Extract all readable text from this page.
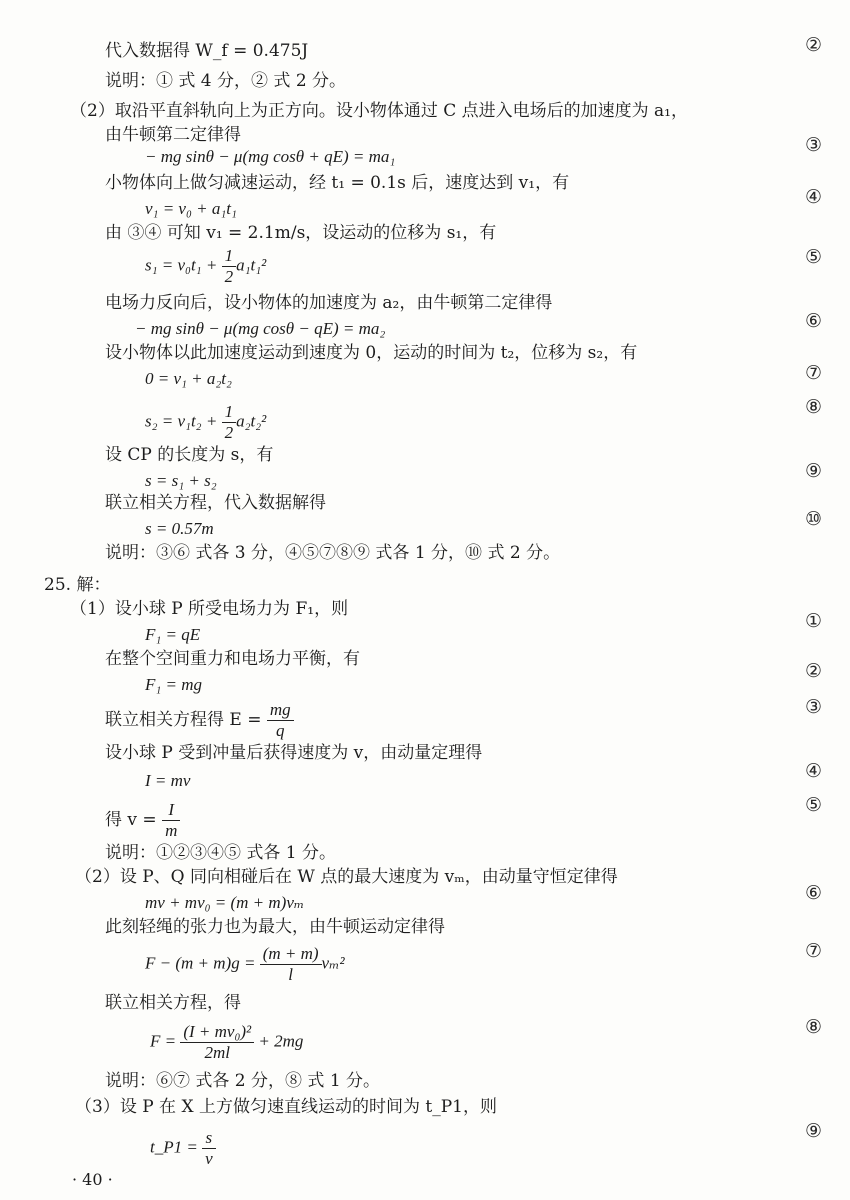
代入数据得 W_f = 0.475J
说明：① 式 4 分，② 式 2 分。
（2）取沿平直斜轨向上为正方向。设小物体通过 C 点进入电场后的加速度为 a₁，
由牛顿第二定律得
− mg sinθ − μ(mg cosθ + qE) = ma₁
小物体向上做匀减速运动，经 t₁ = 0.1s 后，速度达到 v₁，有
v₁ = v₀ + a₁t₁
由 ③④ 可知 v₁ = 2.1m/s，设运动的位移为 s₁，有
$s_1 = v_0t_1 + \frac{1}{2} a_1t_1^2$
电场力反向后，设小物体的加速度为 a₂，由牛顿第二定律得
− mg sinθ − μ(mg cosθ − qE) = ma₂
设小物体以此加速度运动到速度为 0，运动的时间为 t₂，位移为 s₂，有
0 = v₁ + a₂t₂
$s_2 = v_1t_2 + \frac{1}{2} a_2t_2^2$
设 CP 的长度为 s，有
s = s₁ + s₂
联立相关方程，代入数据解得
s = 0.57m
说明：③⑥ 式各 3 分，④⑤⑦⑧⑨ 式各 1 分，⑩ 式 2 分。
25. 解：
（1）设小球 P 所受电场力为 F₁，则
F₁ = qE
在整个空间重力和电场力平衡，有
F₁ = mg
联立相关方程得 $E = \frac{mg}{q}$
设小球 P 受到冲量后获得速度为 v，由动量定理得
I = mv
得 $v = \frac{I}{m}$
说明：①②③④⑤ 式各 1 分。
（2）设 P、Q 同向相碰后在 W 点的最大速度为 vₘ，由动量守恒定律得
mv + mv₀ = (m + m)vₘ
此刻轻绳的张力也为最大，由牛顿运动定律得
$F - (m + m)g = \frac{(m + m)}{l} v_m^2$
联立相关方程，得
$F = \frac{\text{(I + mv₀)²}}{2ml} + 2mg$
说明：⑥⑦ 式各 2 分，⑧ 式 1 分。
（3）设 P 在 X 上方做匀速直线运动的时间为 t_P1，则
t_P1 = $\frac{s}{v}$
②
③
④
⑤
⑥
⑦
⑧
⑨
⑩
①
②
③
④
⑤
⑥
⑦
⑧
⑨
· 40 ·
